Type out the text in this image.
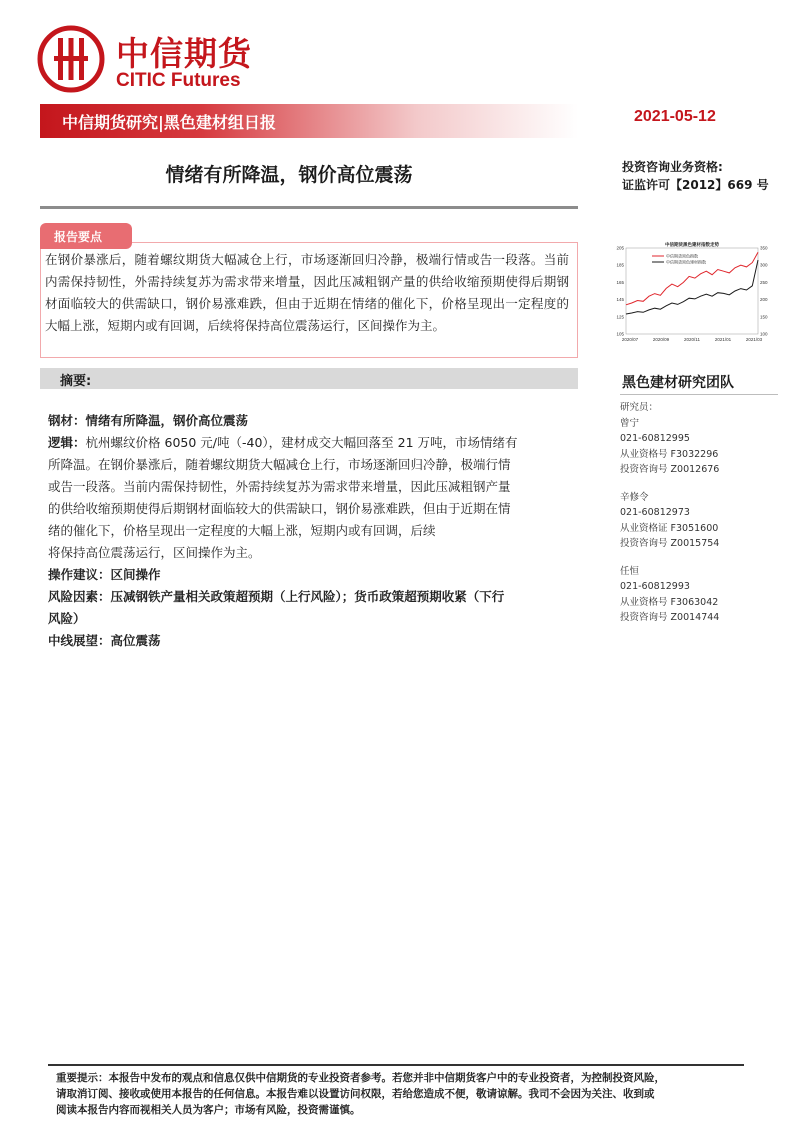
中信期货
CITIC Futures
中信期货研究|黑色建材组日报	2021-05-12
情绪有所降温，钢价高位震荡	投资咨询业务资格:
证监许可【2012】669 号

在钢价暴涨后，随着螺纹期货大幅减仓上行，市场逐渐回归冷静，极端行情或告一段落。当前内需保持韧性，外需持续复苏为需求带来增量，因此压减粗钢产量的供给收缩预期使得后期钢材面临较大的供需缺口，钢价易涨难跌，但由于近期在情绪的催化下，价格呈现出一定程度的大幅上涨，短期内或有回调，后续将保持高位震荡运行，区间操作为主。

报告要点
105
125
145
165
185
205
100
150
200
250
300
350
2020/07	2020/09	2020/11	2021/01	2021/03
中信期货黑色建材指数走势
中信期货黑色指数
中信期货黑色建材指数
摘要:
钢材：情绪有所降温，钢价高位震荡
逻辑：杭州螺纹价格 6050 元/吨（-40），建材成交大幅回落至 21 万吨，市场情绪有
所降温。在钢价暴涨后，随着螺纹期货大幅减仓上行，市场逐渐回归冷静，极端行情
或告一段落。当前内需保持韧性，外需持续复苏为需求带来增量，因此压减粗钢产量
的供给收缩预期使得后期钢材面临较大的供需缺口，钢价易涨难跌，但由于近期在情
绪的催化下，价格呈现出一定程度的大幅上涨，短期内或有回调，后续
将保持高位震荡运行，区间操作为主。
操作建议：区间操作
风险因素：压减钢铁产量相关政策超预期（上行风险）；货币政策超预期收紧（下行
风险）
中线展望：高位震荡
黑色建材研究团队
研究员：
曾宁
021-60812995
从业资格号 F3032296
投资咨询号 Z0012676
辛修令
021-60812973
从业资格证 F3051600
投资咨询号 Z0015754
任恒
021-60812993
从业资格号 F3063042
投资咨询号 Z0014744
重要提示：本报告中发布的观点和信息仅供中信期货的专业投资者参考。若您并非中信期货客户中的专业投资者，为控制投资风险，
请取消订阅、接收或使用本报告的任何信息。本报告难以设置访问权限，若给您造成不便，敬请谅解。我司不会因为关注、收到或
阅读本报告内容而视相关人员为客户；市场有风险，投资需谨慎。
